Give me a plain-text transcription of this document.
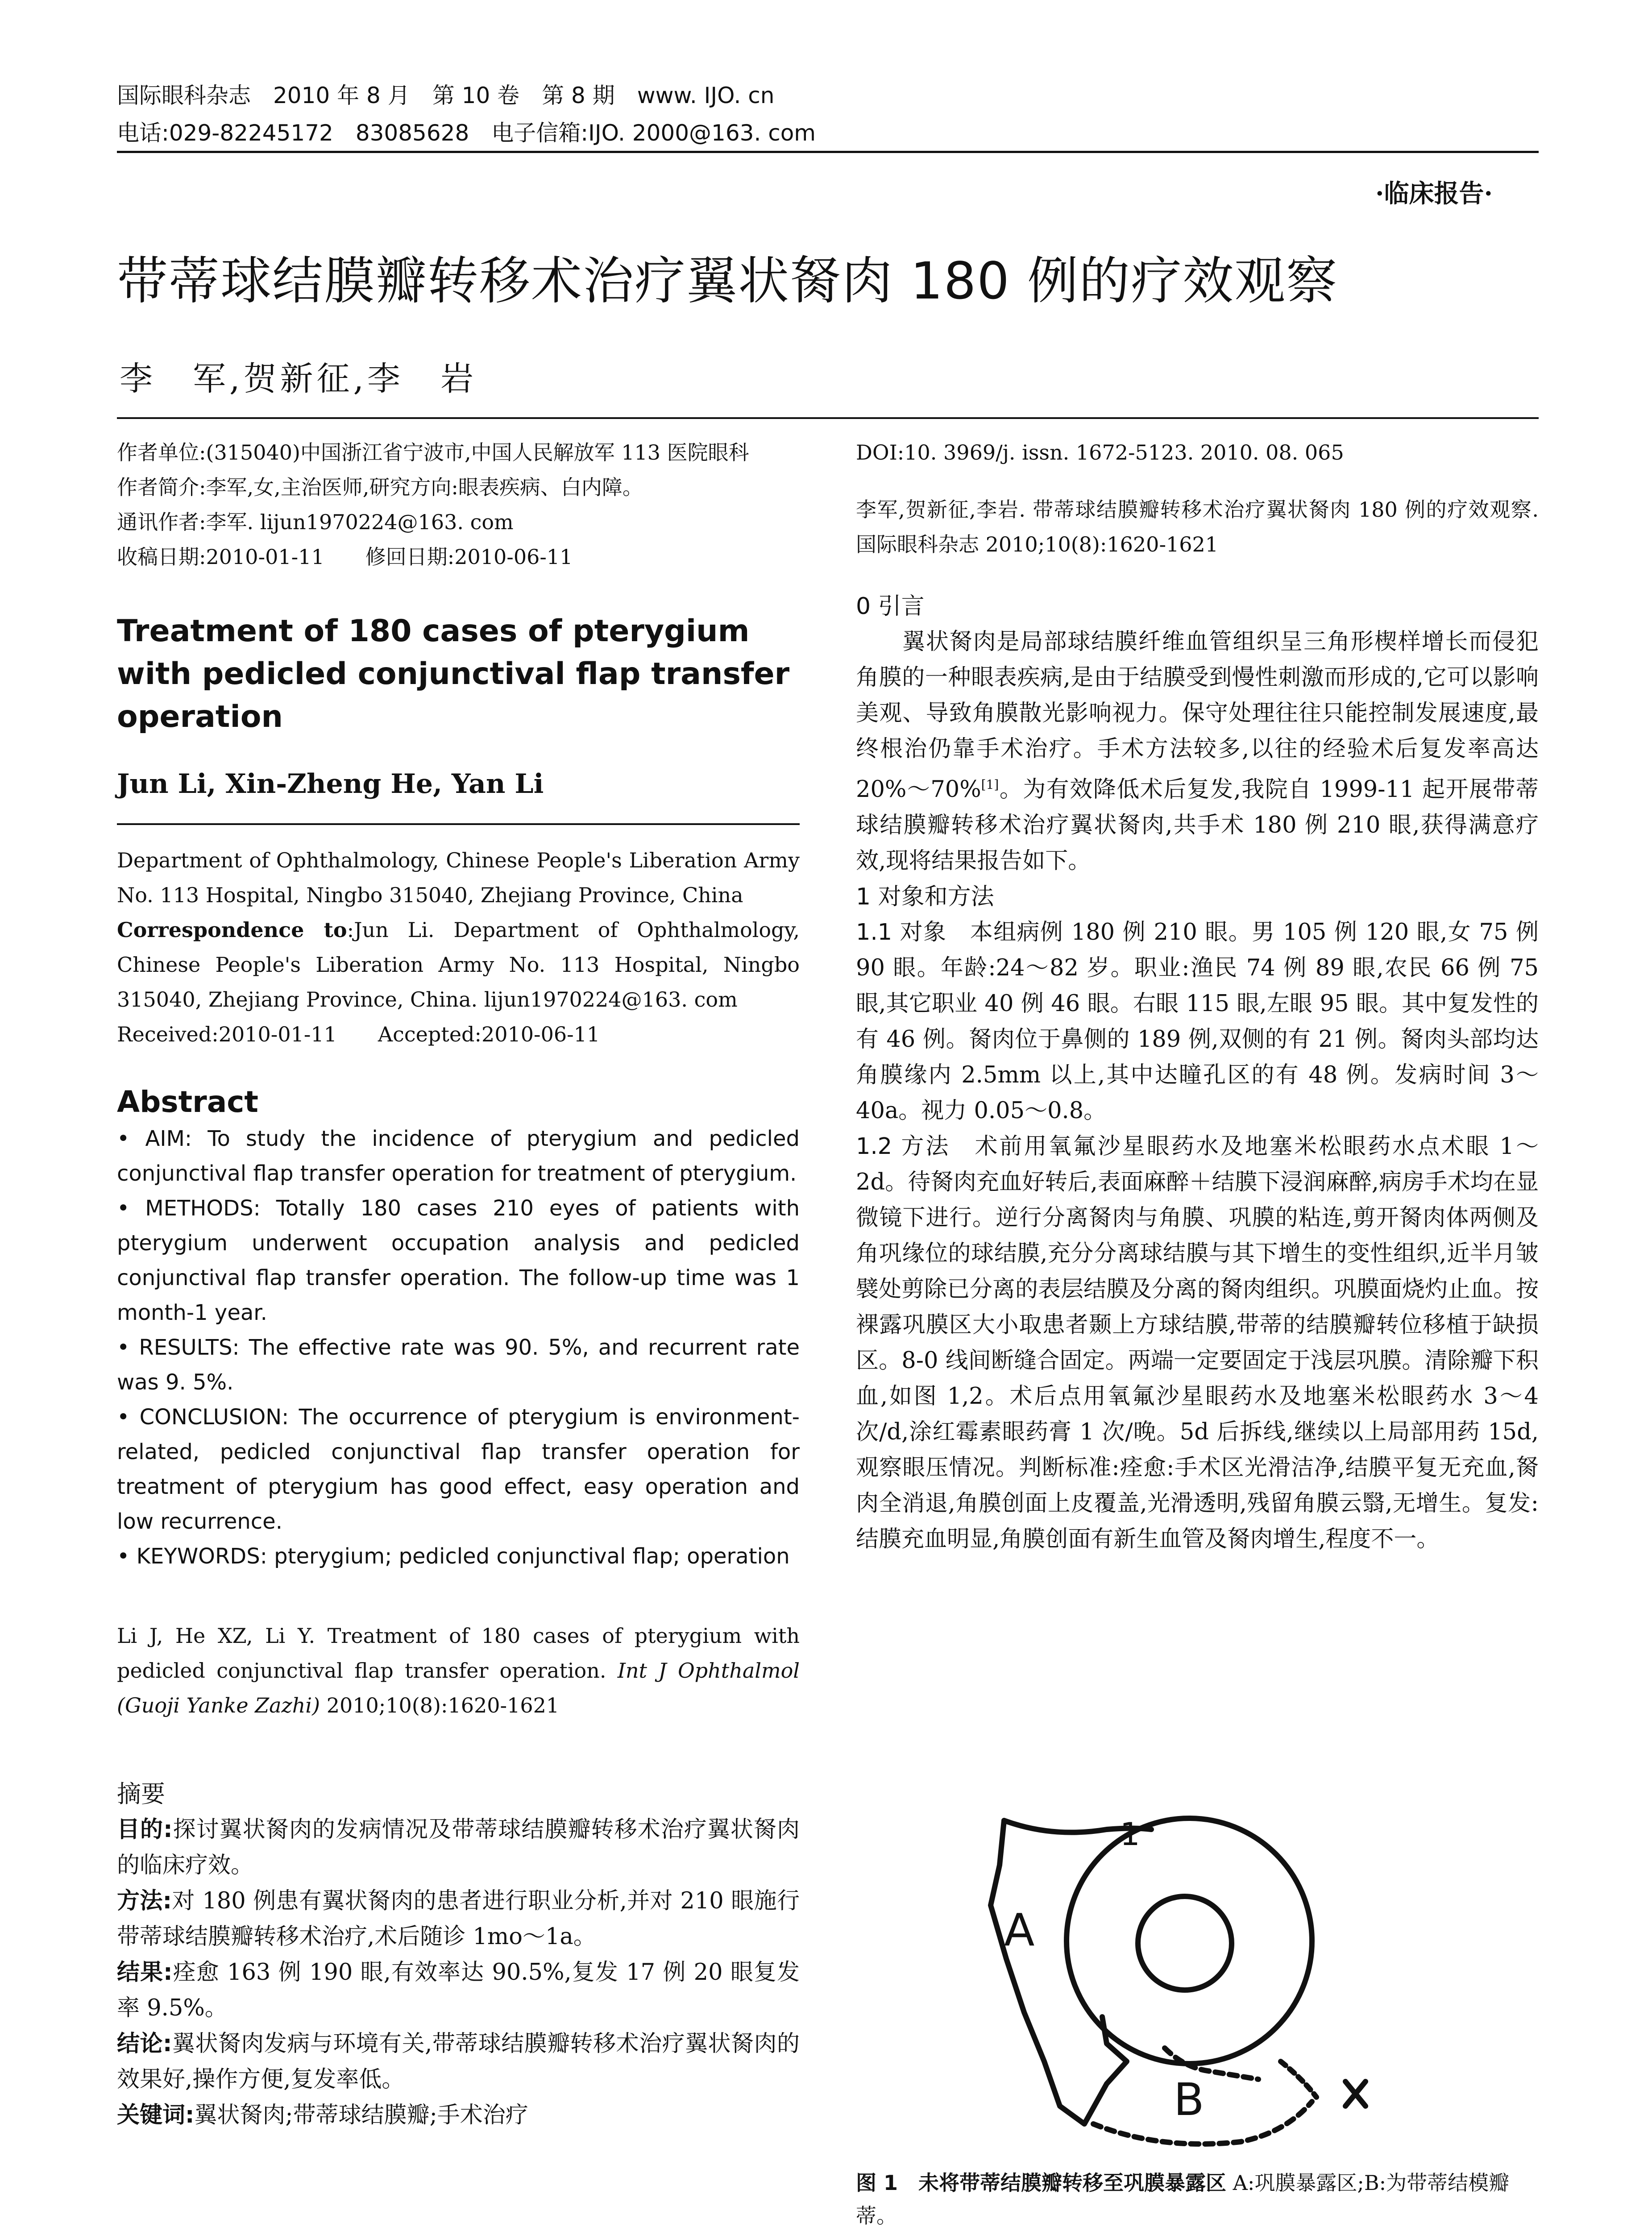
国际眼科杂志　2010 年 8 月　第 10 卷　第 8 期　www. IJO. cn
电话:029-82245172　83085628　电子信箱:IJO. 2000@163. com
·临床报告·
带蒂球结膜瓣转移术治疗翼状胬肉 180 例的疗效观察
李　军,贺新征,李　岩

作者单位:(315040)中国浙江省宁波市,中国人民解放军 113 医院眼科

作者简介:李军,女,主治医师,研究方向:眼表疾病、白内障。

通讯作者:李军. lijun1970224@163. com

收稿日期:2010-01-11　　修回日期:2010-06-11

Treatment of 180 cases of pterygium with pedicled conjunctival flap transfer operation
Jun Li, Xin-Zheng He, Yan Li

Department of Ophthalmology, Chinese People's Liberation Army No. 113 Hospital, Ningbo 315040, Zhejiang Province, China

Correspondence to:Jun Li. Department of Ophthalmology, Chinese People's Liberation Army No. 113 Hospital, Ningbo 315040, Zhejiang Province, China. lijun1970224@163. com

Received:2010-01-11　　Accepted:2010-06-11

Abstract

• AIM: To study the incidence of pterygium and pedicled conjunctival flap transfer operation for treatment of pterygium.

• METHODS: Totally 180 cases 210 eyes of patients with pterygium underwent occupation analysis and pedicled conjunctival flap transfer operation. The follow-up time was 1 month-1 year.

• RESULTS: The effective rate was 90. 5%, and recurrent rate was 9. 5%.

• CONCLUSION: The occurrence of pterygium is environment-related, pedicled conjunctival flap transfer operation for treatment of pterygium has good effect, easy operation and low recurrence.

• KEYWORDS: pterygium; pedicled conjunctival flap; operation

Li J, He XZ, Li Y. Treatment of 180 cases of pterygium with pedicled conjunctival flap transfer operation. Int J Ophthalmol (Guoji Yanke Zazhi) 2010;10(8):1620-1621

摘要

目的:探讨翼状胬肉的发病情况及带蒂球结膜瓣转移术治疗翼状胬肉的临床疗效。

方法:对 180 例患有翼状胬肉的患者进行职业分析,并对 210 眼施行带蒂球结膜瓣转移术治疗,术后随诊 1mo～1a。

结果:痊愈 163 例 190 眼,有效率达 90.5%,复发 17 例 20 眼复发率 9.5%。

结论:翼状胬肉发病与环境有关,带蒂球结膜瓣转移术治疗翼状胬肉的效果好,操作方便,复发率低。

关键词:翼状胬肉;带蒂球结膜瓣;手术治疗

DOI:10. 3969/j. issn. 1672-5123. 2010. 08. 065

李军,贺新征,李岩. 带蒂球结膜瓣转移术治疗翼状胬肉 180 例的疗效观察. 国际眼科杂志 2010;10(8):1620-1621

0 引言

翼状胬肉是局部球结膜纤维血管组织呈三角形楔样增长而侵犯角膜的一种眼表疾病,是由于结膜受到慢性刺激而形成的,它可以影响美观、导致角膜散光影响视力。保守处理往往只能控制发展速度,最终根治仍靠手术治疗。手术方法较多,以往的经验术后复发率高达 20%～70%[1]。为有效降低术后复发,我院自 1999-11 起开展带蒂球结膜瓣转移术治疗翼状胬肉,共手术 180 例 210 眼,获得满意疗效,现将结果报告如下。

1 对象和方法

1.1 对象　 本组病例 180 例 210 眼。男 105 例 120 眼,女 75 例 90 眼。年龄:24～82 岁。职业:渔民 74 例 89 眼,农民 66 例 75 眼,其它职业 40 例 46 眼。右眼 115 眼,左眼 95 眼。其中复发性的有 46 例。胬肉位于鼻侧的 189 例,双侧的有 21 例。胬肉头部均达角膜缘内 2.5mm 以上,其中达瞳孔区的有 48 例。发病时间 3～40a。视力 0.05～0.8。

1.2 方法　 术前用氧氟沙星眼药水及地塞米松眼药水点术眼 1～2d。待胬肉充血好转后,表面麻醉＋结膜下浸润麻醉,病房手术均在显微镜下进行。逆行分离胬肉与角膜、巩膜的粘连,剪开胬肉体两侧及角巩缘位的球结膜,充分分离球结膜与其下增生的变性组织,近半月皱襞处剪除已分离的表层结膜及分离的胬肉组织。巩膜面烧灼止血。按裸露巩膜区大小取患者颞上方球结膜,带蒂的结膜瓣转位移植于缺损区。8-0 线间断缝合固定。两端一定要固定于浅层巩膜。清除瓣下积血,如图 1,2。术后点用氧氟沙星眼药水及地塞米松眼药水 3～4 次/d,涂红霉素眼药膏 1 次/晚。5d 后拆线,继续以上局部用药 15d,观察眼压情况。判断标准:痊愈:手术区光滑洁净,结膜平复无充血,胬肉全消退,角膜创面上皮覆盖,光滑透明,残留角膜云翳,无增生。复发:结膜充血明显,角膜创面有新生血管及胬肉增生,程度不一。

A
B
1
图 1　未将带蒂结膜瓣转移至巩膜暴露区 A:巩膜暴露区;B:为带蒂结模瓣蒂。
